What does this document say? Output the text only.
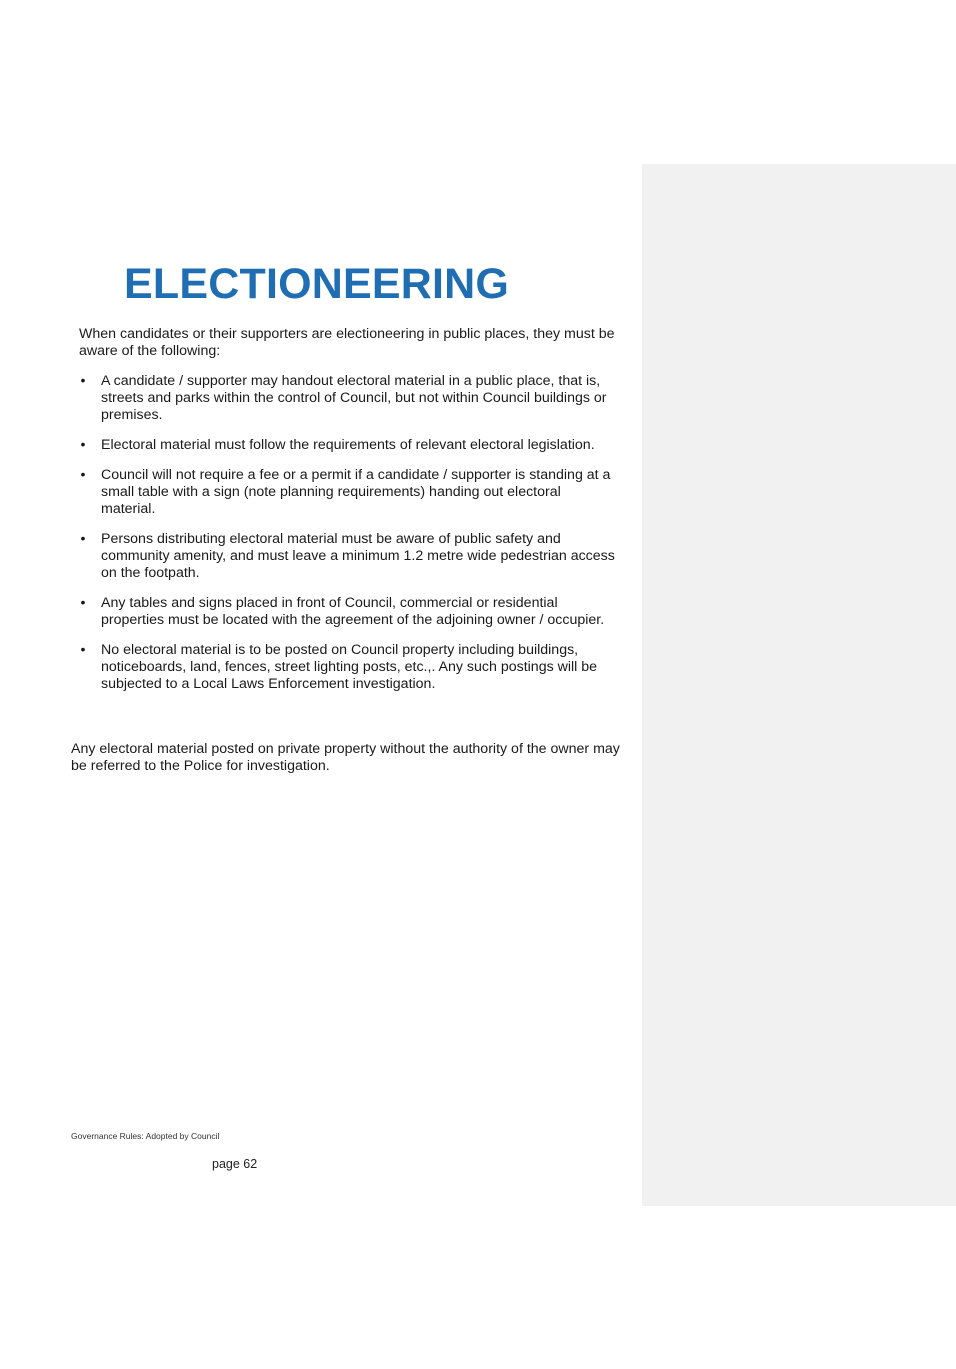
ELECTIONEERING

When candidates or their supporters are electioneering in public places, they must be aware of the following:

• A candidate / supporter may handout electoral material in a public place, that is, streets and parks within the control of Council, but not within Council buildings or premises.
• Electoral material must follow the requirements of relevant electoral legislation.
• Council will not require a fee or a permit if a candidate / supporter is standing at a small table with a sign (note planning requirements) handing out electoral material.
• Persons distributing electoral material must be aware of public safety and community amenity, and must leave a minimum 1.2 metre wide pedestrian access on the footpath.
• Any tables and signs placed in front of Council, commercial or residential properties must be located with the agreement of the adjoining owner / occupier.
• No electoral material is to be posted on Council property including buildings, noticeboards, land, fences, street lighting posts, etc.,. Any such postings will be subjected to a Local Laws Enforcement investigation.

Any electoral material posted on private property without the authority of the owner may be referred to the Police for investigation.

Governance Rules: Adopted by Council
page 62
